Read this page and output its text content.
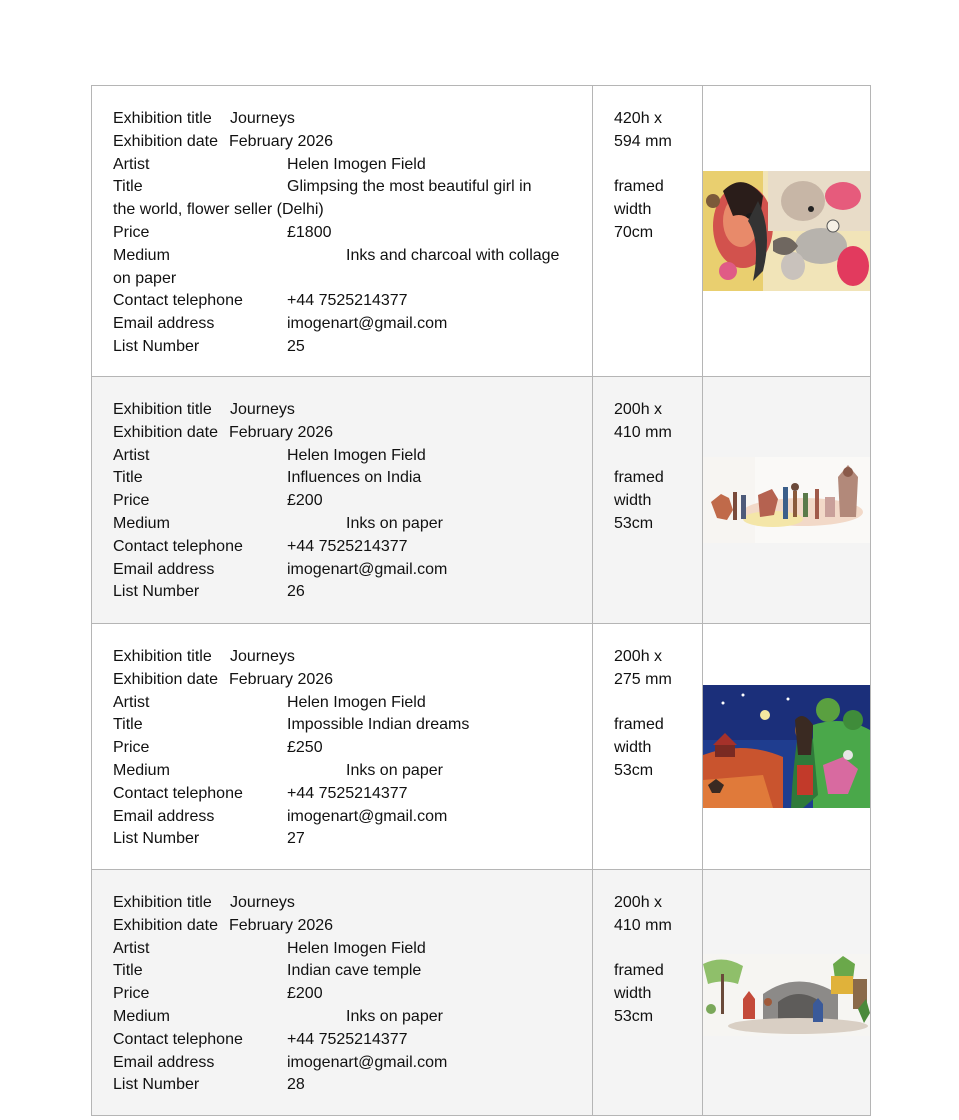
Exhibition title Journeys
Exhibition date February 2026
Artist	Helen Imogen Field
Title	Glimpsing the most beautiful girl in
the world, flower seller (Delhi)
Price	£1800
Medium	Inks and charcoal with collage
on paper
Contact telephone	+44 7525214377
Email address	imogenart@gmail.com
List Number	25
420h x
594 mm
framed
width
70cm
Exhibition title Journeys
Exhibition date February 2026
Artist	Helen Imogen Field
Title	Influences on India
Price	£200
Medium	Inks on paper
Contact telephone	+44 7525214377
Email address	imogenart@gmail.com
List Number	26
200h x
410 mm
framed
width
53cm
Exhibition title Journeys
Exhibition date February 2026
Artist	Helen Imogen Field
Title	Impossible Indian dreams
Price	£250
Medium	Inks on paper
Contact telephone	+44 7525214377
Email address	imogenart@gmail.com
List Number	27
200h x
275 mm
framed
width
53cm
Exhibition title Journeys
Exhibition date February 2026
Artist	Helen Imogen Field
Title	Indian cave temple
Price	£200
Medium	Inks on paper
Contact telephone	+44 7525214377
Email address	imogenart@gmail.com
List Number	28
200h x
410 mm
framed
width
53cm
